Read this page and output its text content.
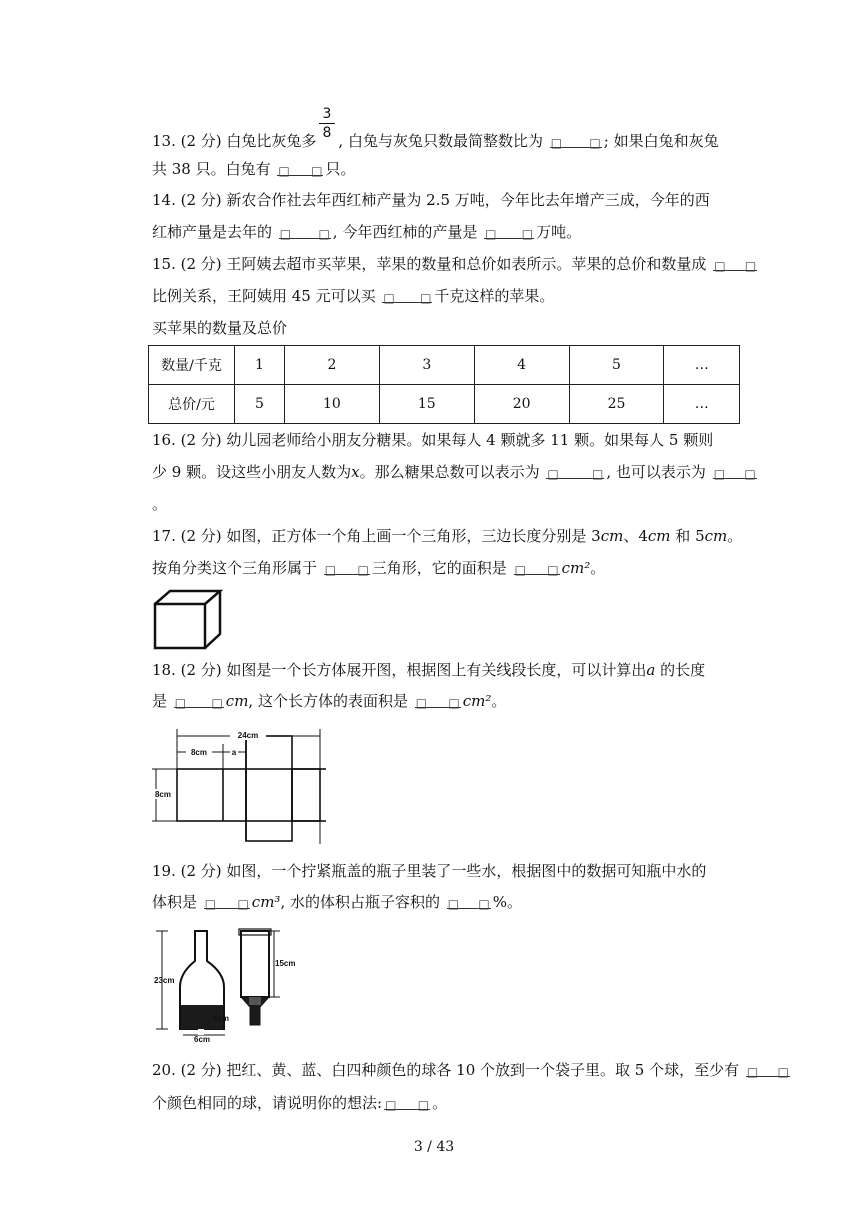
3
8
13. (2 分) 白兔比灰兔多 , 白兔与灰兔只数最简整数比为 □ □ ; 如果白兔和灰兔
共 38 只。白兔有 □ □ 只。
14. (2 分) 新农合作社去年西红柿产量为 2.5 万吨，今年比去年增产三成，今年的西
红柿产量是去年的 □ □ , 今年西红柿的产量是 □ □ 万吨。
15. (2 分) 王阿姨去超市买苹果，苹果的数量和总价如表所示。苹果的总价和数量成 □ □
比例关系，王阿姨用 45 元可以买 □ □ 千克这样的苹果。
买苹果的数量及总价
数量/千克	1	2	3	4	5	…
总价/元	5	10	15	20	25	…
16. (2 分) 幼儿园老师给小朋友分糖果。如果每人 4 颗就多 11 颗。如果每人 5 颗则
少 9 颗。设这些小朋友人数为x。那么糖果总数可以表示为 □	□ , 也可以表示为 □ □
。
17. (2 分) 如图，正方体一个角上画一个三角形，三边长度分别是 3cm、4cm 和 5cm。
按角分类这个三角形属于 □ □ 三角形，它的面积是 □ □ cm²。
18. (2 分) 如图是一个长方体展开图，根据图上有关线段长度，可以计算出a 的长度
是 □ □ cm, 这个长方体的表面积是 □ □ cm²。
24cm
8cm	a
8cm
19. (2 分) 如图，一个拧紧瓶盖的瓶子里装了一些水，根据图中的数据可知瓶中水的
体积是 □ □ cm³, 水的体积占瓶子容积的 □ □ %。
23cm
5cm
6cm
15cm
20. (2 分) 把红、黄、蓝、白四种颜色的球各 10 个放到一个袋子里。取 5 个球，至少有 □ □
个颜色相同的球，请说明你的想法: □ □ 。
3 / 43
